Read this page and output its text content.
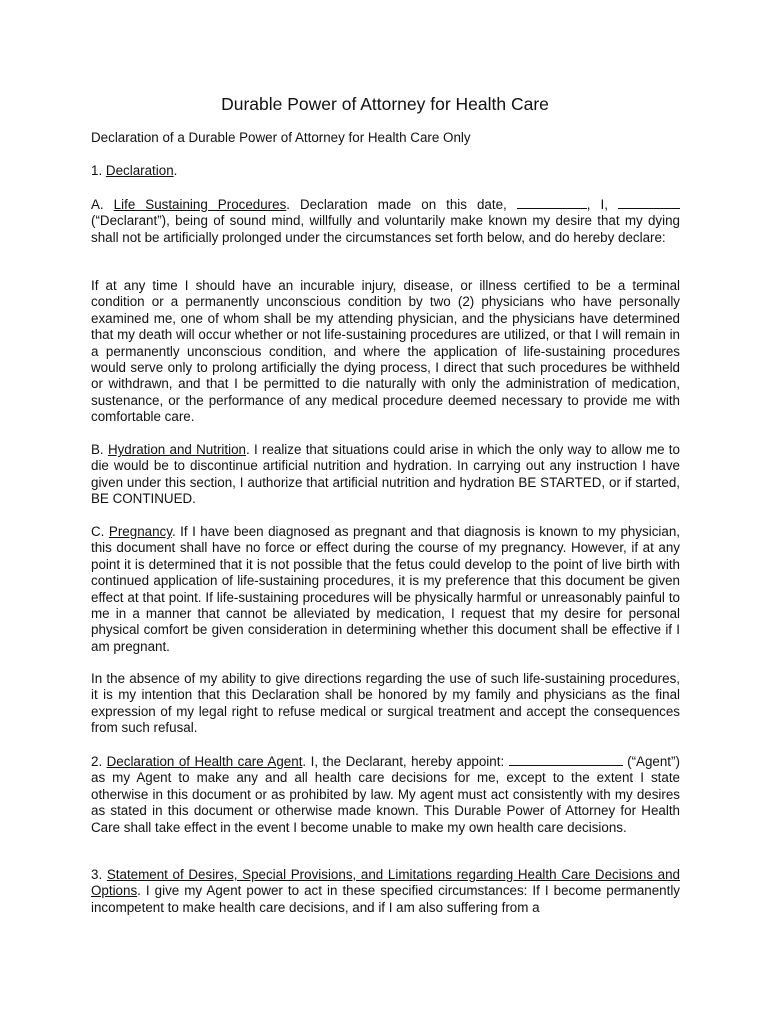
Durable Power of Attorney for Health Care

Declaration of a Durable Power of Attorney for Health Care Only

1. Declaration.

A. Life Sustaining Procedures. Declaration made on this date,	, I,  (“Declarant”), being of sound mind, willfully and voluntarily make known my desire that my dying shall not be artificially prolonged under the circumstances set forth below, and do hereby declare:

If at any time I should have an incurable injury, disease, or illness certified to be a terminal condition or a permanently unconscious condition by two (2) physicians who have personally examined me, one of whom shall be my attending physician, and the physicians have determined that my death will occur whether or not life-sustaining procedures are utilized, or that I will remain in a permanently unconscious condition, and where the application of life-sustaining procedures would serve only to prolong artificially the dying process, I direct that such procedures be withheld or withdrawn, and that I be permitted to die naturally with only the administration of medication, sustenance, or the performance of any medical procedure deemed necessary to provide me with comfortable care.

B. Hydration and Nutrition. I realize that situations could arise in which the only way to allow me to die would be to discontinue artificial nutrition and hydration. In carrying out any instruction I have given under this section, I authorize that artificial nutrition and hydration BE STARTED, or if started, BE CONTINUED.

C. Pregnancy. If I have been diagnosed as pregnant and that diagnosis is known to my physician, this document shall have no force or effect during the course of my pregnancy. However, if at any point it is determined that it is not possible that the fetus could develop to the point of live birth with continued application of life-sustaining procedures, it is my preference that this document be given effect at that point. If life-sustaining procedures will be physically harmful or unreasonably painful to me in a manner that cannot be alleviated by medication, I request that my desire for personal physical comfort be given consideration in determining whether this document shall be effective if I am pregnant.

In the absence of my ability to give directions regarding the use of such life-sustaining procedures, it is my intention that this Declaration shall be honored by my family and physicians as the final expression of my legal right to refuse medical or surgical treatment and accept the consequences from such refusal.

2. Declaration of Health care Agent. I, the Declarant, hereby appoint:	(“Agent”) as my Agent to make any and all health care decisions for me, except to the extent I state otherwise in this document or as prohibited by law. My agent must act consistently with my desires as stated in this document or otherwise made known. This Durable Power of Attorney for Health Care shall take effect in the event I become unable to make my own health care decisions.

3. Statement of Desires, Special Provisions, and Limitations regarding Health Care Decisions and Options. I give my Agent power to act in these specified circumstances: If I become permanently incompetent to make health care decisions, and if I am also suffering from a
